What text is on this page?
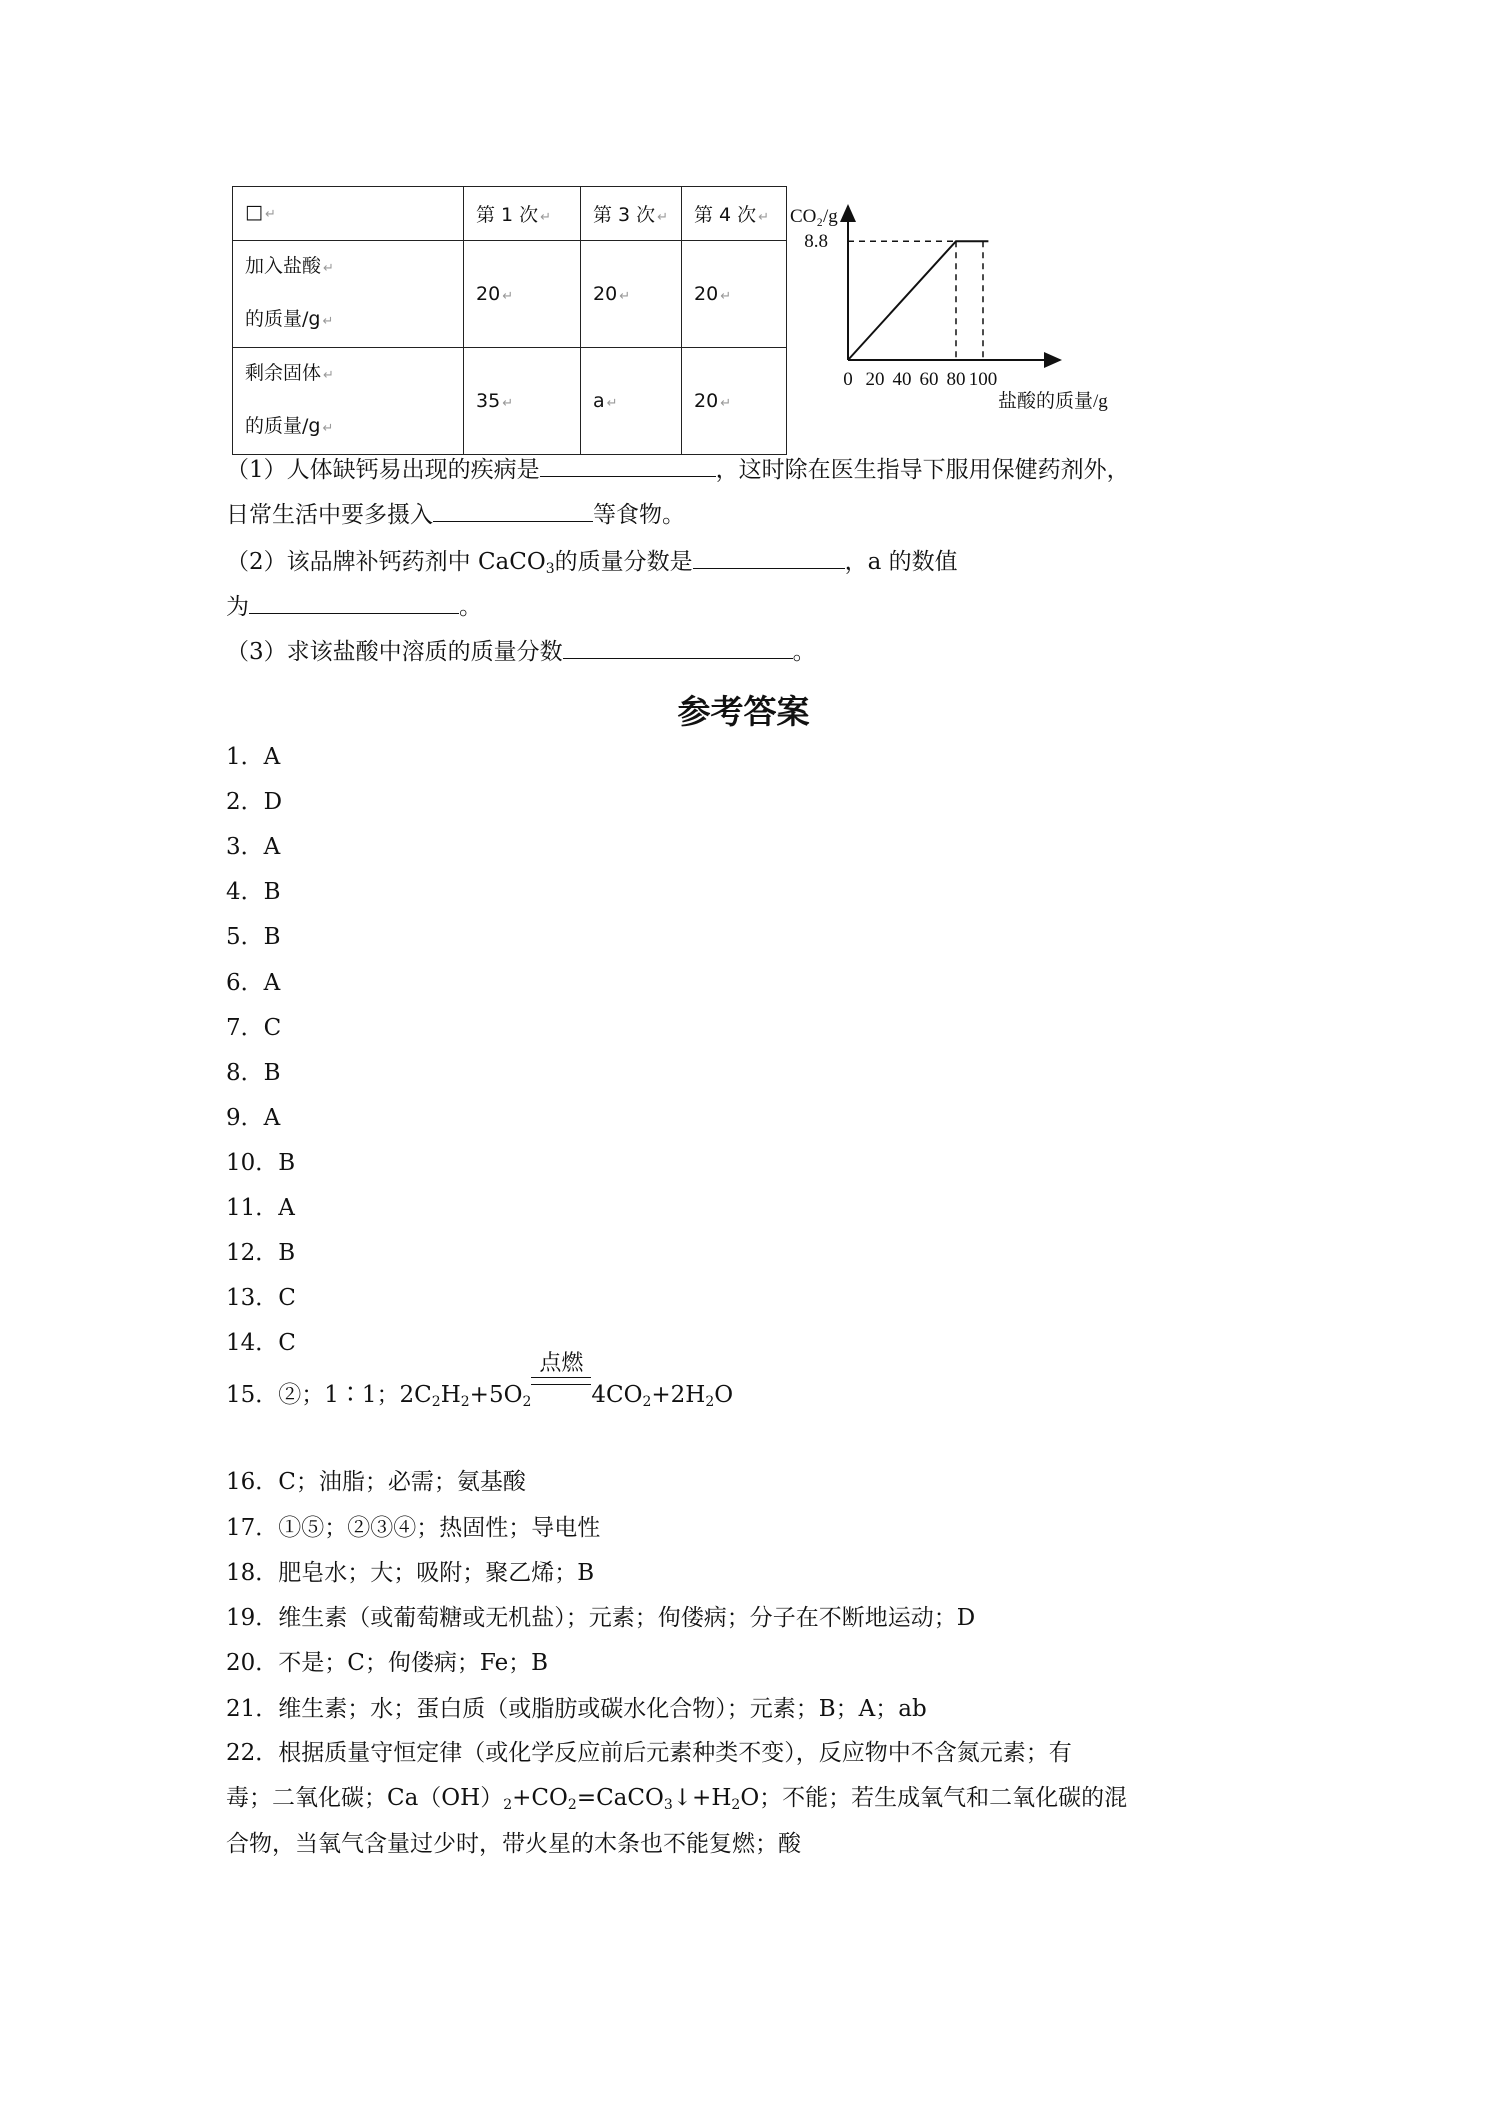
□ ↵	第 1 次 ↵	第 3 次 ↵	第 4 次 ↵

加入盐酸 ↵
的质量/g ↵	20 ↵	20 ↵	20 ↵

剩余固体 ↵
的质量/g ↵	35 ↵	a ↵	20 ↵
CO₂/g
盐酸的质量/g
0 20 40 60 80 100
8.8
（1）人体缺钙易出现的疾病是	，这时除在医生指导下服用保健药剂外，
日常生活中要多摄入	等食物。
（2）该品牌补钙药剂中 CaCO$_3$的质量分数是	，a 的数值
为	。
（3）求该盐酸中溶质的质量分数	。
参考答案
1．A
2．D
3．A
4．B
5．B
6．A
7．C
8．B
9．A
10．B
11．A
12．B
13．C
14．C
15．②；1∶1；$2C_2H_2+5O_2$
点燃
$4CO_2+2H_2O$
16．C；油脂；必需；氨基酸
17．①⑤；②③④；热固性；导电性
18．肥皂水；大；吸附；聚乙烯；B
19．维生素（或葡萄糖或无机盐）；元素；佝偻病；分子在不断地运动；D
20．不是；C；佝偻病；Fe；B
21．维生素；水；蛋白质（或脂肪或碳水化合物）；元素；B；A；ab
22．根据质量守恒定律（或化学反应前后元素种类不变），反应物中不含氮元素；有
毒；二氧化碳；$Ca(OH)_2+CO_2=CaCO_3↓+H_2O$；不能；若生成氧气和二氧化碳的混
合物，当氧气含量过少时，带火星的木条也不能复燃；酸
